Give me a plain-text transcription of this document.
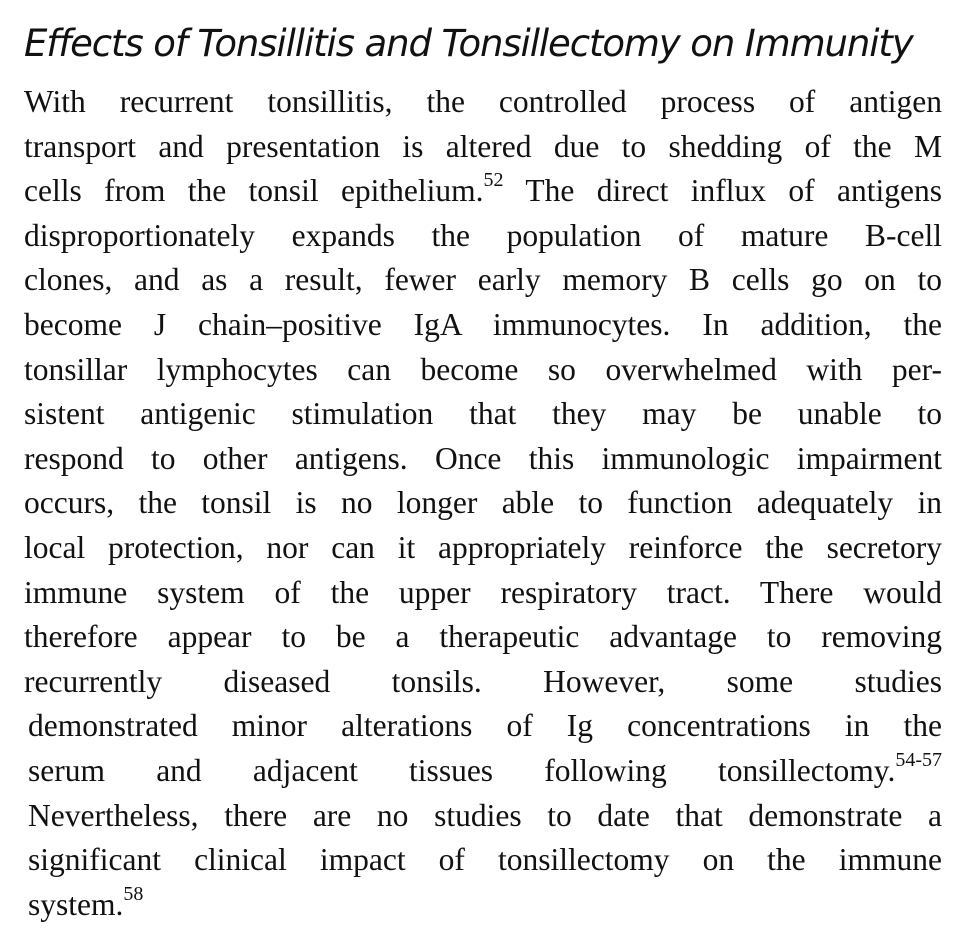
Effects of Tonsillitis and Tonsillectomy on Immunity
With recurrent tonsillitis, the controlled process of antigen
transport and presentation is altered due to shedding of the M
cells from the tonsil epithelium.$^{52}$ The direct influx of antigens
disproportionately expands the population of mature B-cell
clones, and as a result, fewer early memory B cells go on to
become J chain–positive IgA immunocytes. In addition, the
tonsillar lymphocytes can become so overwhelmed with per-
sistent antigenic stimulation that they may be unable to
respond to other antigens. Once this immunologic impairment
occurs, the tonsil is no longer able to function adequately in
local protection, nor can it appropriately reinforce the secretory
immune system of the upper respiratory tract. There would
therefore appear to be a therapeutic advantage to removing
recurrently diseased tonsils. However, some studies
demonstrated minor alterations of Ig concentrations in the
serum and adjacent tissues following tonsillectomy.$^{54-57}$
Nevertheless, there are no studies to date that demonstrate a
significant clinical impact of tonsillectomy on the immune
system.$^{58}$
